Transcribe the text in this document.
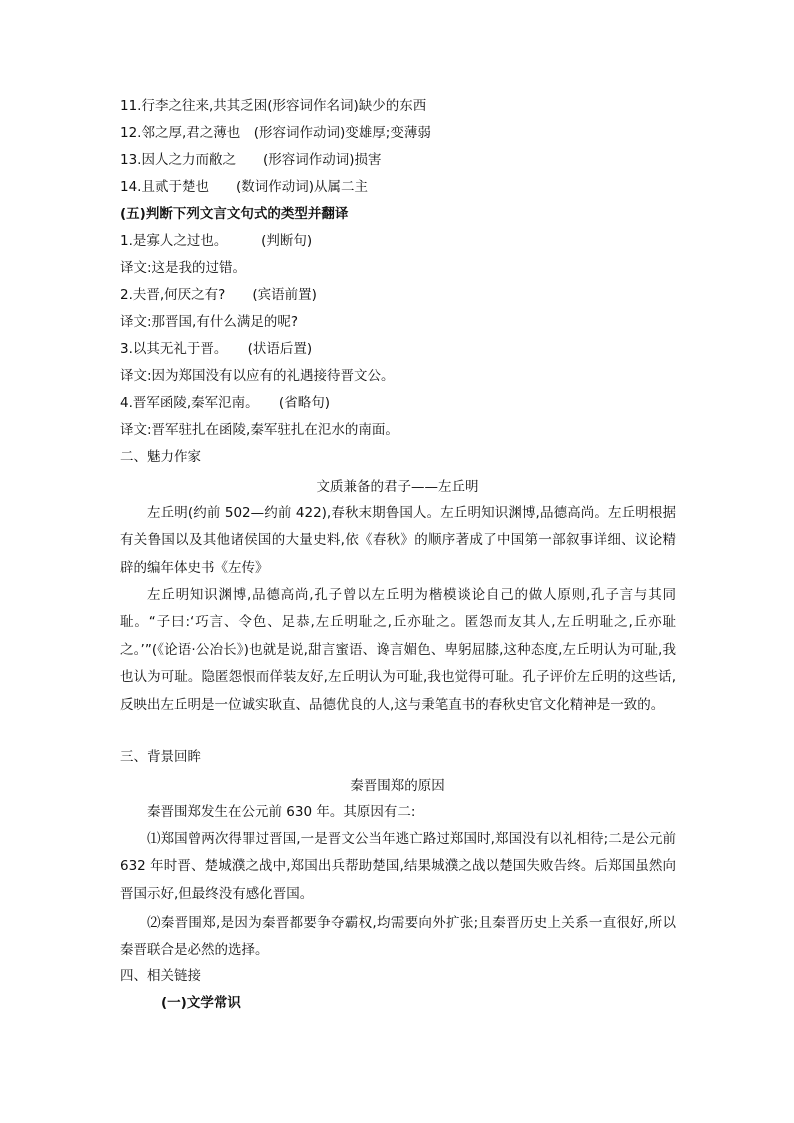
11.行李之往来,共其乏困(形容词作名词)缺少的东西
12.邻之厚,君之薄也　(形容词作动词)变雄厚;变薄弱
13.因人之力而敝之　　(形容词作动词)损害
14.且贰于楚也　　(数词作动词)从属二主
(五)判断下列文言文句式的类型并翻译
1.是寡人之过也。　　　(判断句)
译文:这是我的过错。
2.夫晋,何厌之有?　　(宾语前置)
译文:那晋国,有什么满足的呢?
3.以其无礼于晋。　　(状语后置)
译文:因为郑国没有以应有的礼遇接待晋文公。
4.晋军函陵,秦军氾南。　　(省略句)
译文:晋军驻扎在函陵,秦军驻扎在氾水的南面。
二、魅力作家
文质兼备的君子——左丘明
左丘明(约前 502—约前 422),春秋末期鲁国人。左丘明知识渊博,品德高尚。左丘明根据有关鲁国以及其他诸侯国的大量史料,依《春秋》的顺序著成了中国第一部叙事详细、议论精辟的编年体史书《左传》
左丘明知识渊博,品德高尚,孔子曾以左丘明为楷模谈论自己的做人原则,孔子言与其同耻。“子曰:‘巧言、令色、足恭,左丘明耻之,丘亦耻之。匿怨而友其人,左丘明耻之,丘亦耻之。’”(《论语·公冶长》)也就是说,甜言蜜语、谗言媚色、卑躬屈膝,这种态度,左丘明认为可耻,我也认为可耻。隐匿怨恨而佯装友好,左丘明认为可耻,我也觉得可耻。孔子评价左丘明的这些话,反映出左丘明是一位诚实耿直、品德优良的人,这与秉笔直书的春秋史官文化精神是一致的。
三、背景回眸
秦晋围郑的原因
秦晋围郑发生在公元前 630 年。其原因有二:
⑴郑国曾两次得罪过晋国,一是晋文公当年逃亡路过郑国时,郑国没有以礼相待;二是公元前 632 年时晋、楚城濮之战中,郑国出兵帮助楚国,结果城濮之战以楚国失败告终。后郑国虽然向晋国示好,但最终没有感化晋国。
⑵秦晋围郑,是因为秦晋都要争夺霸权,均需要向外扩张;且秦晋历史上关系一直很好,所以秦晋联合是必然的选择。
四、相关链接
(一)文学常识
